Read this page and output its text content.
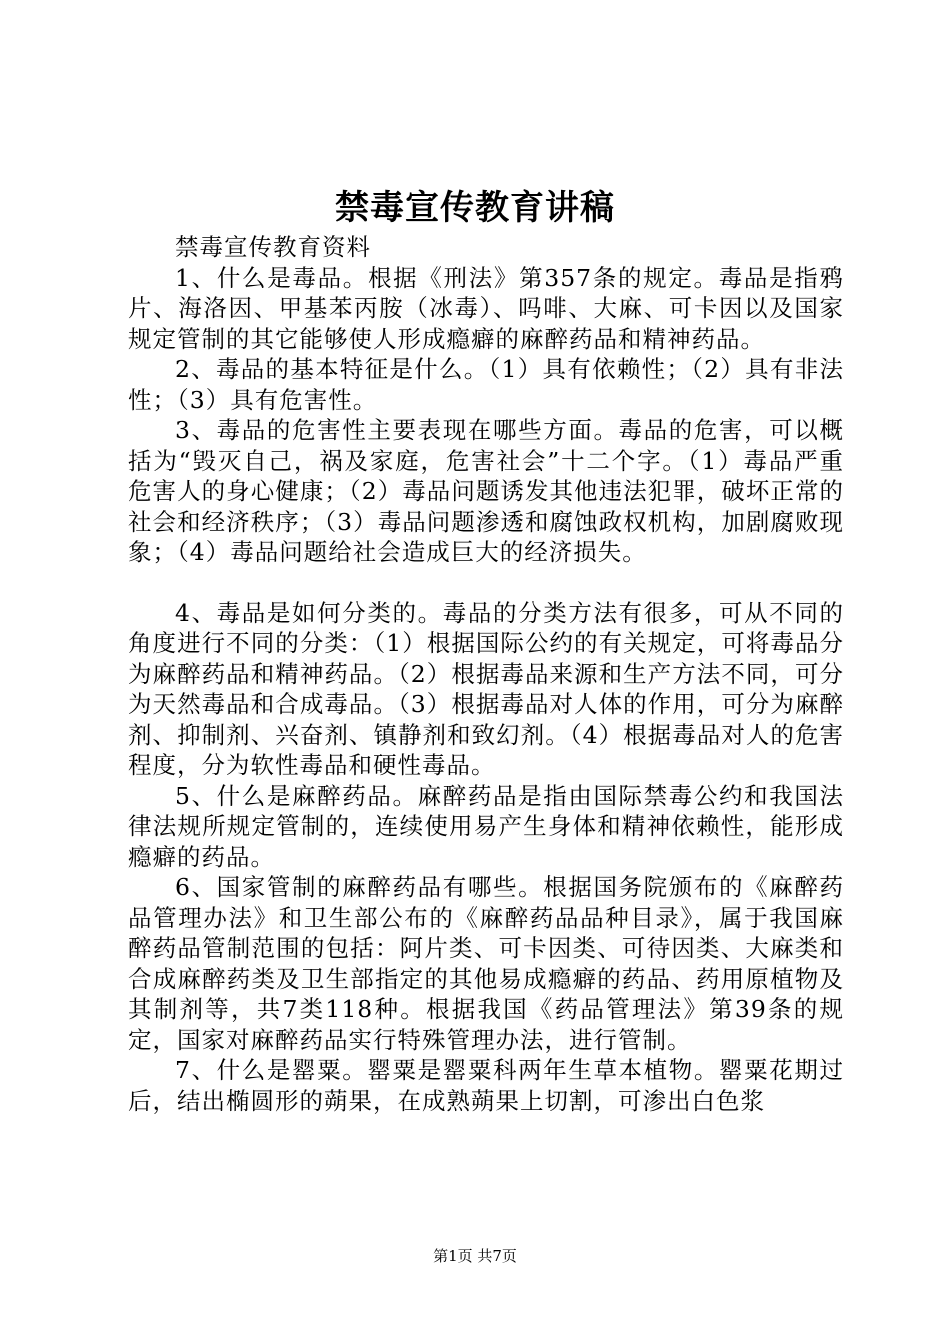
禁毒宣传教育讲稿

禁毒宣传教育资料

1、什么是毒品。根据《刑法》第357条的规定。毒品是指鸦片、海洛因、甲基苯丙胺（冰毒）、吗啡、大麻、可卡因以及国家规定管制的其它能够使人形成瘾癖的麻醉药品和精神药品。

2、毒品的基本特征是什么。（1）具有依赖性；（2）具有非法性；（3）具有危害性。

3、毒品的危害性主要表现在哪些方面。毒品的危害，可以概括为“毁灭自己，祸及家庭，危害社会”十二个字。（1）毒品严重危害人的身心健康；（2）毒品问题诱发其他违法犯罪，破坏正常的社会和经济秩序；（3）毒品问题渗透和腐蚀政权机构，加剧腐败现象；（4）毒品问题给社会造成巨大的经济损失。

4、毒品是如何分类的。毒品的分类方法有很多，可从不同的角度进行不同的分类：（1）根据国际公约的有关规定，可将毒品分为麻醉药品和精神药品。（2）根据毒品来源和生产方法不同，可分为天然毒品和合成毒品。（3）根据毒品对人体的作用，可分为麻醉剂、抑制剂、兴奋剂、镇静剂和致幻剂。（4）根据毒品对人的危害程度，分为软性毒品和硬性毒品。

5、什么是麻醉药品。麻醉药品是指由国际禁毒公约和我国法律法规所规定管制的，连续使用易产生身体和精神依赖性，能形成瘾癖的药品。

6、国家管制的麻醉药品有哪些。根据国务院颁布的《麻醉药品管理办法》和卫生部公布的《麻醉药品品种目录》，属于我国麻醉药品管制范围的包括：阿片类、可卡因类、可待因类、大麻类和合成麻醉药类及卫生部指定的其他易成瘾癖的药品、药用原植物及其制剂等，共7类118种。根据我国《药品管理法》第39条的规定，国家对麻醉药品实行特殊管理办法，进行管制。

7、什么是罂粟。罂粟是罂粟科两年生草本植物。罂粟花期过后，结出椭圆形的蒴果，在成熟蒴果上切割，可渗出白色浆

第1页 共7页
